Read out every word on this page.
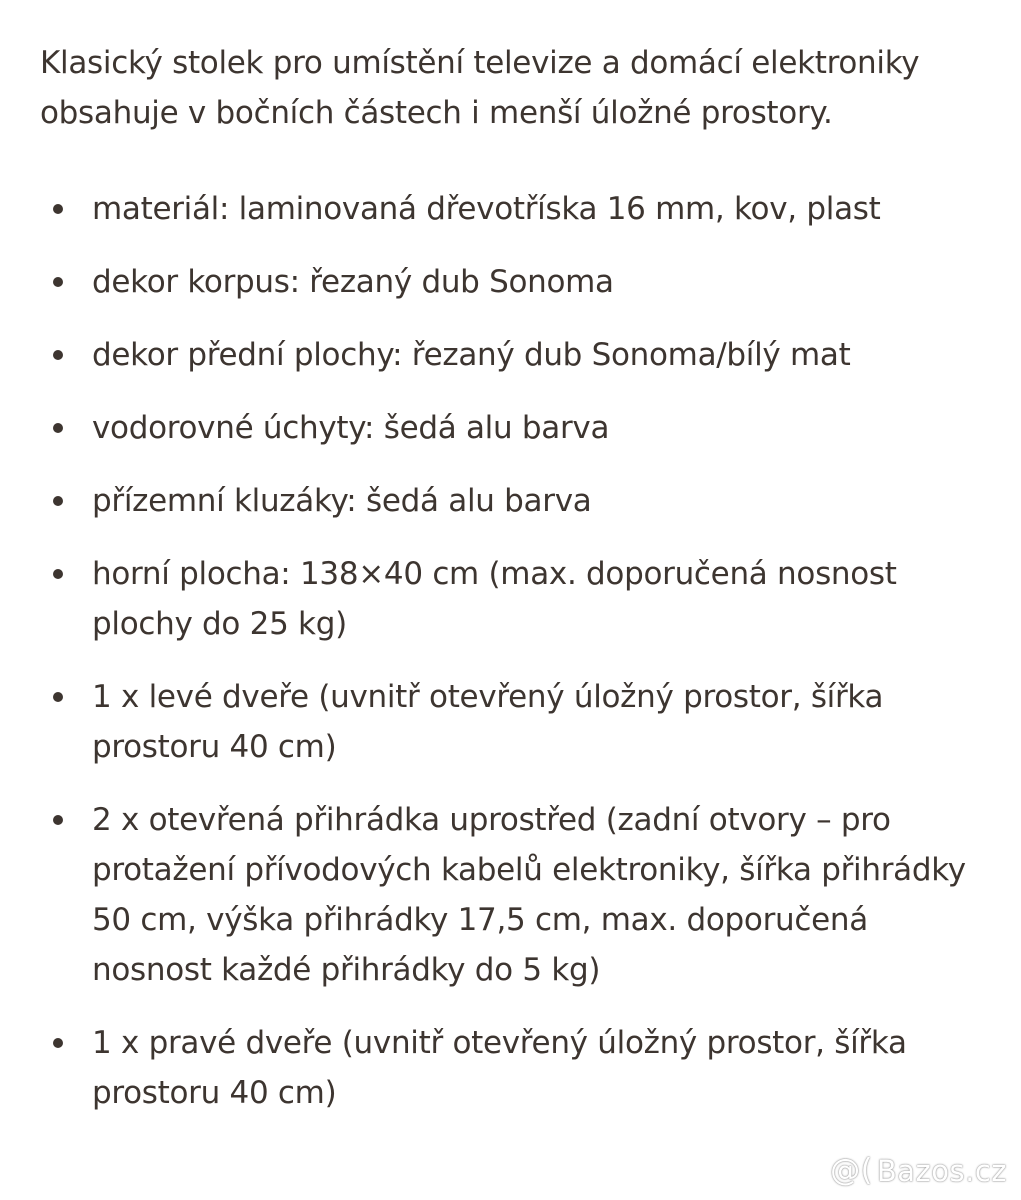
Klasický stolek pro umístění televize a domácí elektroniky obsahuje v bočních částech i menší úložné prostory.

materiál: laminovaná dřevotříska 16 mm, kov, plast
dekor korpus: řezaný dub Sonoma
dekor přední plochy: řezaný dub Sonoma/bílý mat
vodorovné úchyty: šedá alu barva
přízemní kluzáky: šedá alu barva
horní plocha: 138×40 cm (max. doporučená nosnost plochy do 25 kg)
1 x levé dveře (uvnitř otevřený úložný prostor, šířka prostoru 40 cm)
2 x otevřená přihrádka uprostřed (zadní otvory – pro protažení přívodových kabelů elektroniky, šířka přihrádky 50 cm, výška přihrádky 17,5 cm, max. doporučená nosnost každé přihrádky do 5 kg)
1 x pravé dveře (uvnitř otevřený úložný prostor, šířka prostoru 40 cm)
@( Bazos.cz
